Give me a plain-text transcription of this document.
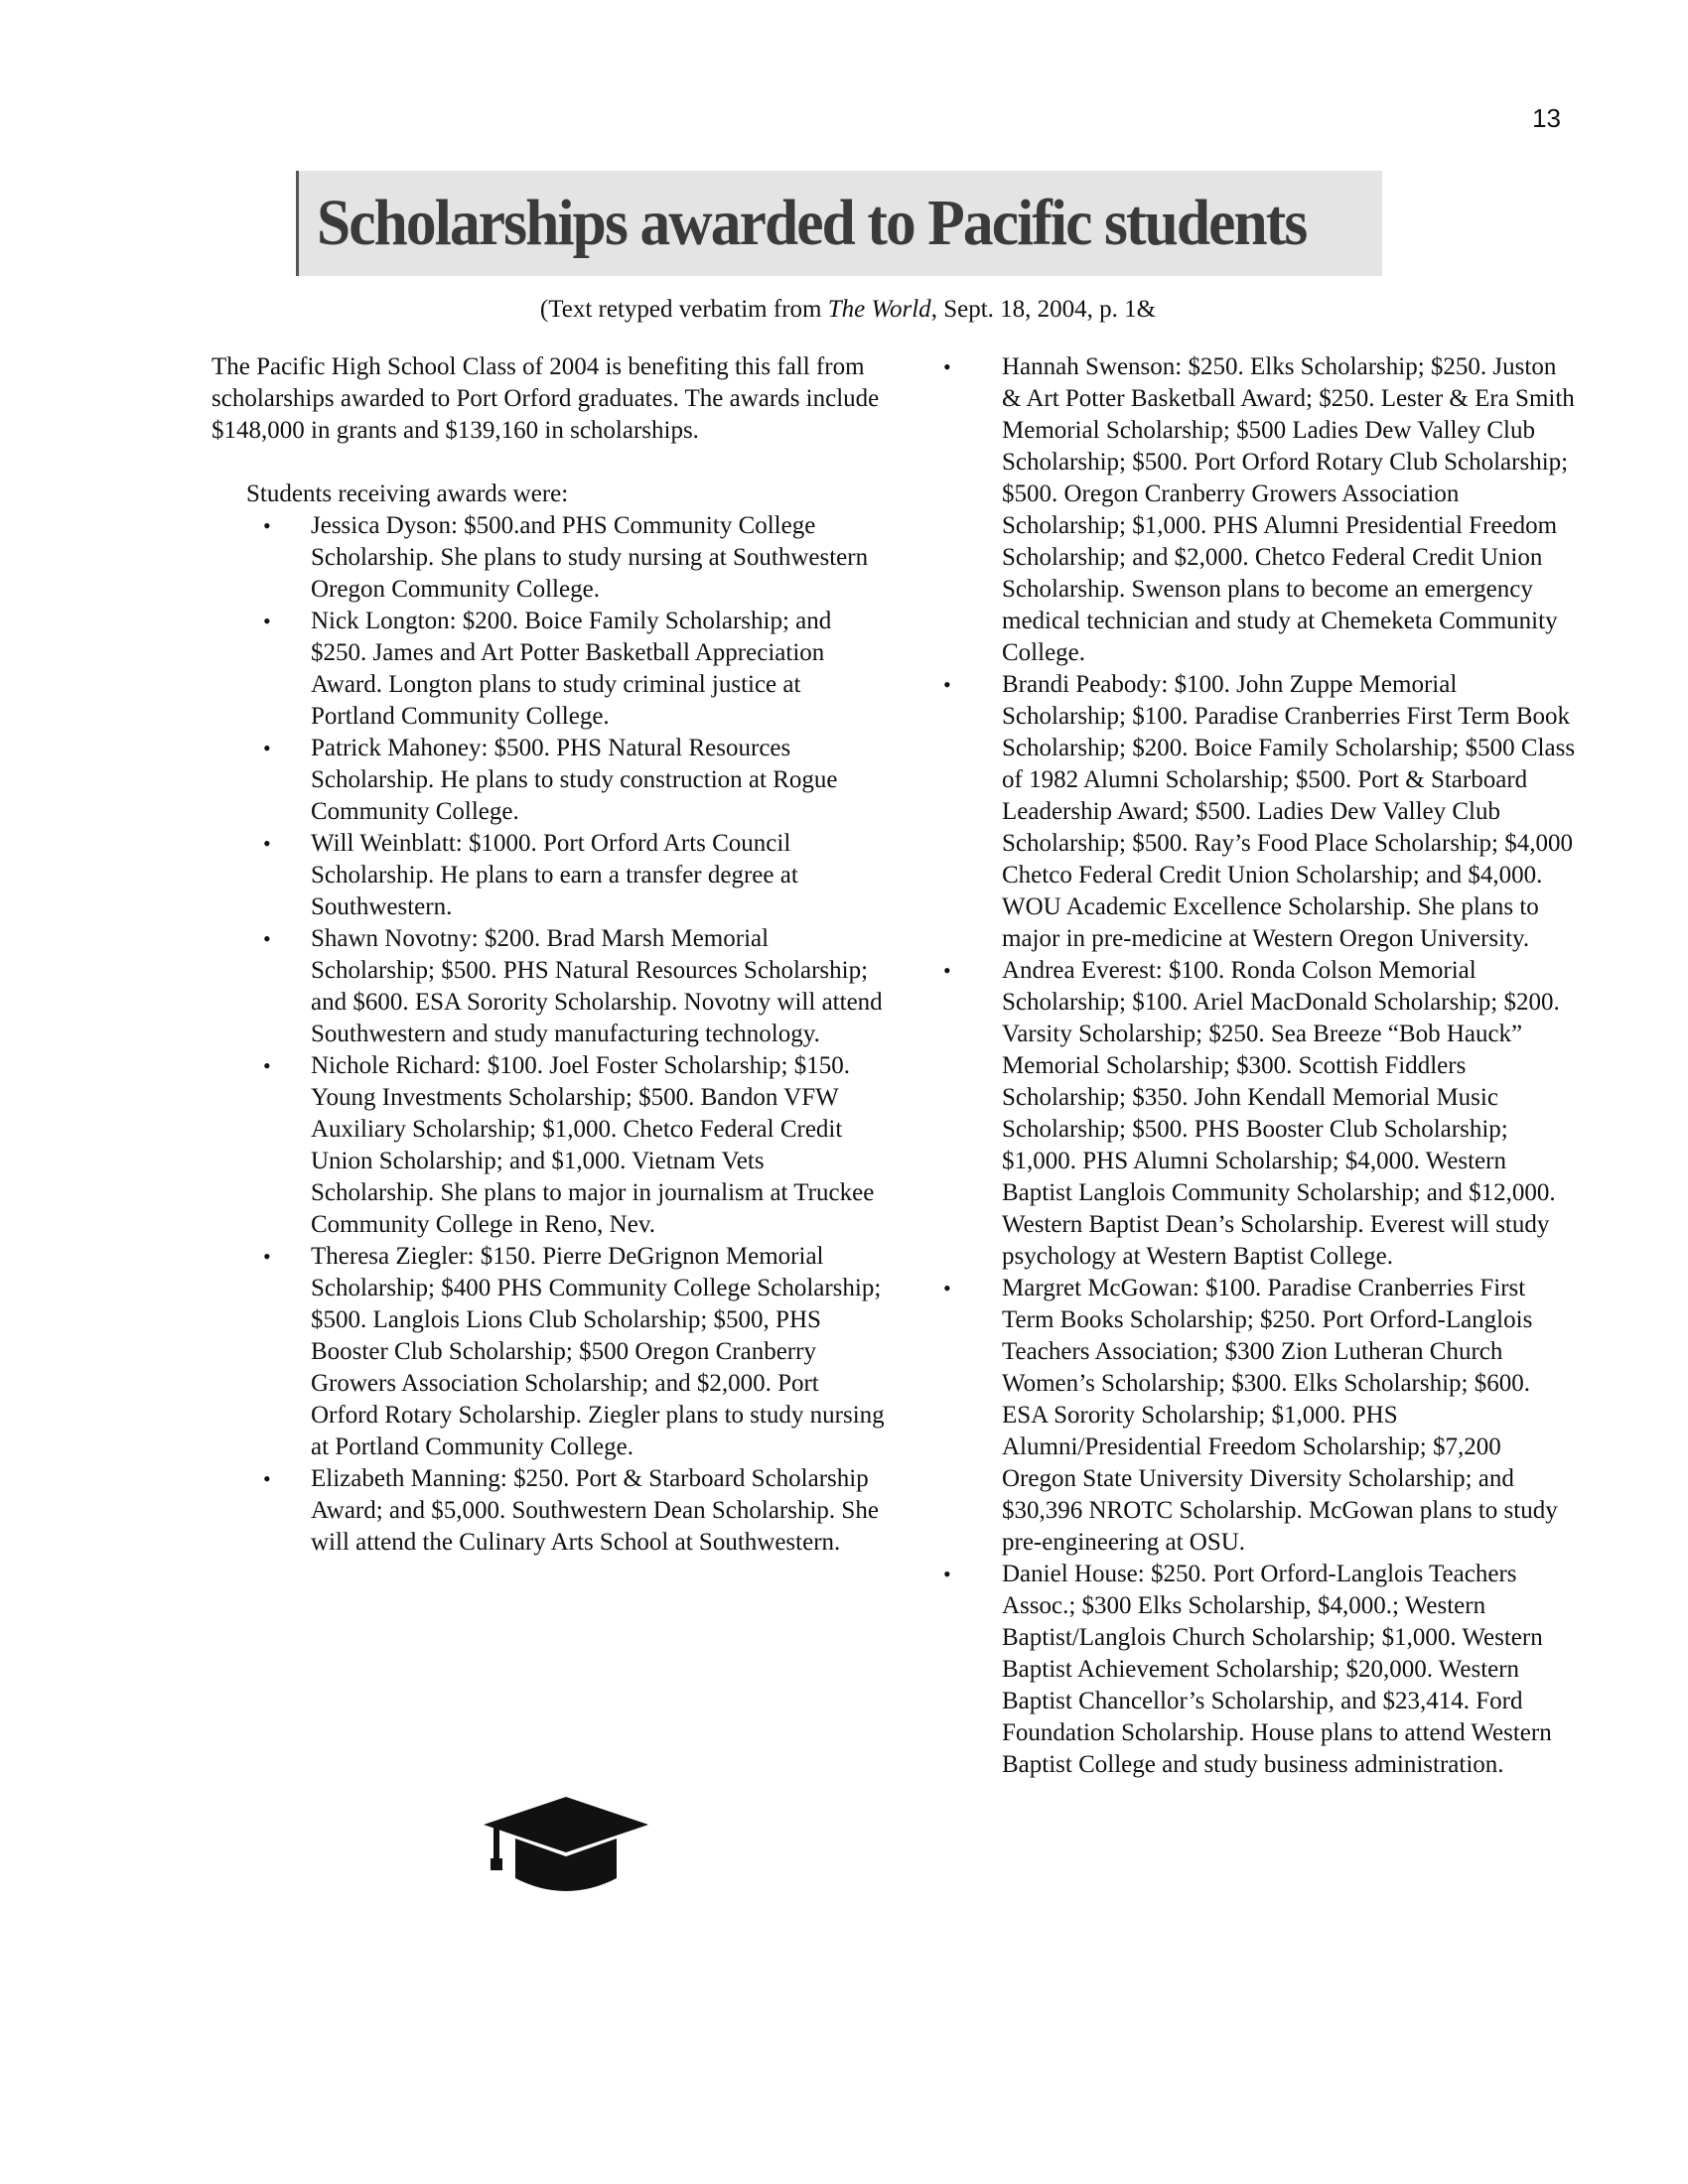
13
Scholarships awarded to Pacific students
(Text retyped verbatim from The World, Sept. 18, 2004, p. 1&

The Pacific High School Class of 2004 is benefiting this fall from scholarships awarded to Port Orford graduates. The awards include $148,000 in grants and $139,160 in scholarships.

Students receiving awards were:

• Jessica Dyson: $500.and PHS Community College Scholarship. She plans to study nursing at Southwestern Oregon Community College.
• Nick Longton: $200. Boice Family Scholarship; and $250. James and Art Potter Basketball Appreciation Award. Longton plans to study criminal justice at Portland Community College.
• Patrick Mahoney: $500. PHS Natural Resources Scholarship. He plans to study construction at Rogue Community College.
• Will Weinblatt: $1000. Port Orford Arts Council Scholarship. He plans to earn a transfer degree at Southwestern.
• Shawn Novotny: $200. Brad Marsh Memorial Scholarship; $500. PHS Natural Resources Scholarship; and $600. ESA Sorority Scholarship. Novotny will attend Southwestern and study manufacturing technology.
• Nichole Richard: $100. Joel Foster Scholarship; $150. Young Investments Scholarship; $500. Bandon VFW Auxiliary Scholarship; $1,000. Chetco Federal Credit Union Scholarship; and $1,000. Vietnam Vets Scholarship. She plans to major in journalism at Truckee Community College in Reno, Nev.
• Theresa Ziegler: $150. Pierre DeGrignon Memorial Scholarship; $400 PHS Community College Scholarship; $500. Langlois Lions Club Scholarship; $500, PHS Booster Club Scholarship; $500 Oregon Cranberry Growers Association Scholarship; and $2,000. Port Orford Rotary Scholarship. Ziegler plans to study nursing at Portland Community College.
• Elizabeth Manning: $250. Port & Starboard Scholarship Award; and $5,000. Southwestern Dean Scholarship. She will attend the Culinary Arts School at Southwestern.
• Hannah Swenson: $250. Elks Scholarship; $250. Juston & Art Potter Basketball Award; $250. Lester & Era Smith Memorial Scholarship; $500 Ladies Dew Valley Club Scholarship; $500. Port Orford Rotary Club Scholarship; $500. Oregon Cranberry Growers Association Scholarship; $1,000. PHS Alumni Presidential Freedom Scholarship; and $2,000. Chetco Federal Credit Union Scholarship. Swenson plans to become an emergency medical technician and study at Chemeketa Community College.
• Brandi Peabody: $100. John Zuppe Memorial Scholarship; $100. Paradise Cranberries First Term Book Scholarship; $200. Boice Family Scholarship; $500 Class of 1982 Alumni Scholarship; $500. Port & Starboard Leadership Award; $500. Ladies Dew Valley Club Scholarship; $500. Ray’s Food Place Scholarship; $4,000 Chetco Federal Credit Union Scholarship; and $4,000. WOU Academic Excellence Scholarship. She plans to major in pre-medicine at Western Oregon University.
• Andrea Everest: $100. Ronda Colson Memorial Scholarship; $100. Ariel MacDonald Scholarship; $200. Varsity Scholarship; $250. Sea Breeze “Bob Hauck” Memorial Scholarship; $300. Scottish Fiddlers Scholarship; $350. John Kendall Memorial Music Scholarship; $500. PHS Booster Club Scholarship; $1,000. PHS Alumni Scholarship; $4,000. Western Baptist Langlois Community Scholarship; and $12,000. Western Baptist Dean’s Scholarship. Everest will study psychology at Western Baptist College.
• Margret McGowan: $100. Paradise Cranberries First Term Books Scholarship; $250. Port Orford-Langlois Teachers Association; $300 Zion Lutheran Church Women’s Scholarship; $300. Elks Scholarship; $600. ESA Sorority Scholarship; $1,000. PHS Alumni/Presidential Freedom Scholarship; $7,200 Oregon State University Diversity Scholarship; and $30,396 NROTC Scholarship. McGowan plans to study pre-engineering at OSU.
• Daniel House: $250. Port Orford-Langlois Teachers Assoc.; $300 Elks Scholarship, $4,000.; Western Baptist/Langlois Church Scholarship; $1,000. Western Baptist Achievement Scholarship; $20,000. Western Baptist Chancellor’s Scholarship, and $23,414. Ford Foundation Scholarship. House plans to attend Western Baptist College and study business administration.
